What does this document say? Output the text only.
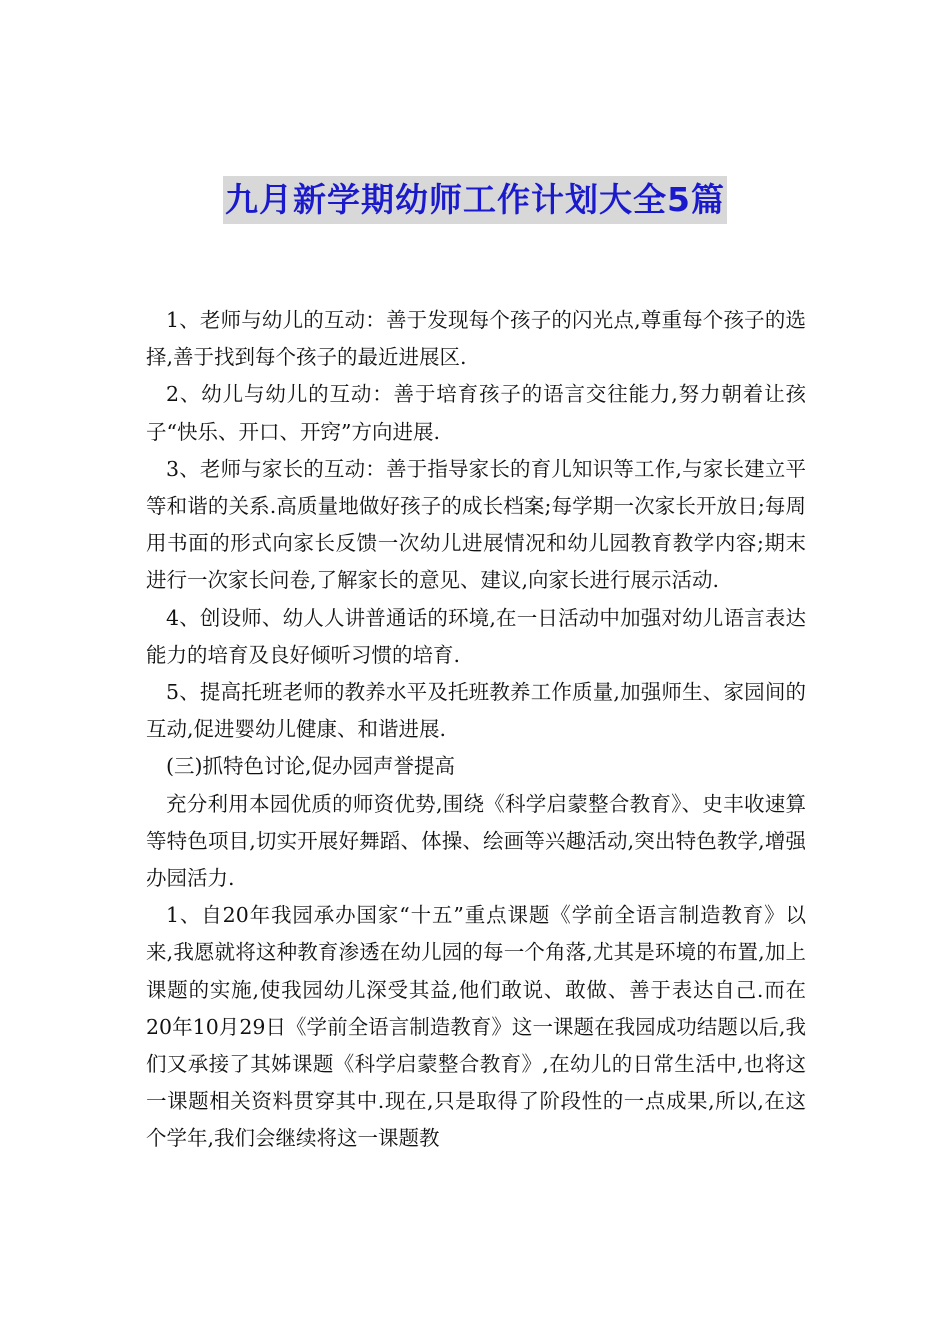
九月新学期幼师工作计划大全5篇

1、老师与幼儿的互动：善于发现每个孩子的闪光点,尊重每个孩子的选择,善于找到每个孩子的最近进展区.

2、幼儿与幼儿的互动：善于培育孩子的语言交往能力,努力朝着让孩子“快乐、开口、开窍”方向进展.

3、老师与家长的互动：善于指导家长的育儿知识等工作,与家长建立平等和谐的关系.高质量地做好孩子的成长档案;每学期一次家长开放日;每周用书面的形式向家长反馈一次幼儿进展情况和幼儿园教育教学内容;期末进行一次家长问卷,了解家长的意见、建议,向家长进行展示活动.

4、创设师、幼人人讲普通话的环境,在一日活动中加强对幼儿语言表达能力的培育及良好倾听习惯的培育.

5、提高托班老师的教养水平及托班教养工作质量,加强师生、家园间的互动,促进婴幼儿健康、和谐进展.

(三)抓特色讨论,促办园声誉提高

充分利用本园优质的师资优势,围绕《科学启蒙整合教育》、史丰收速算等特色项目,切实开展好舞蹈、体操、绘画等兴趣活动,突出特色教学,增强办园活力.

1、自20年我园承办国家“十五”重点课题《学前全语言制造教育》以来,我愿就将这种教育渗透在幼儿园的每一个角落,尤其是环境的布置,加上课题的实施,使我园幼儿深受其益,他们敢说、敢做、善于表达自己.而在20年10月29日《学前全语言制造教育》这一课题在我园成功结题以后,我们又承接了其姊课题《科学启蒙整合教育》,在幼儿的日常生活中,也将这一课题相关资料贯穿其中.现在,只是取得了阶段性的一点成果,所以,在这个学年,我们会继续将这一课题教
